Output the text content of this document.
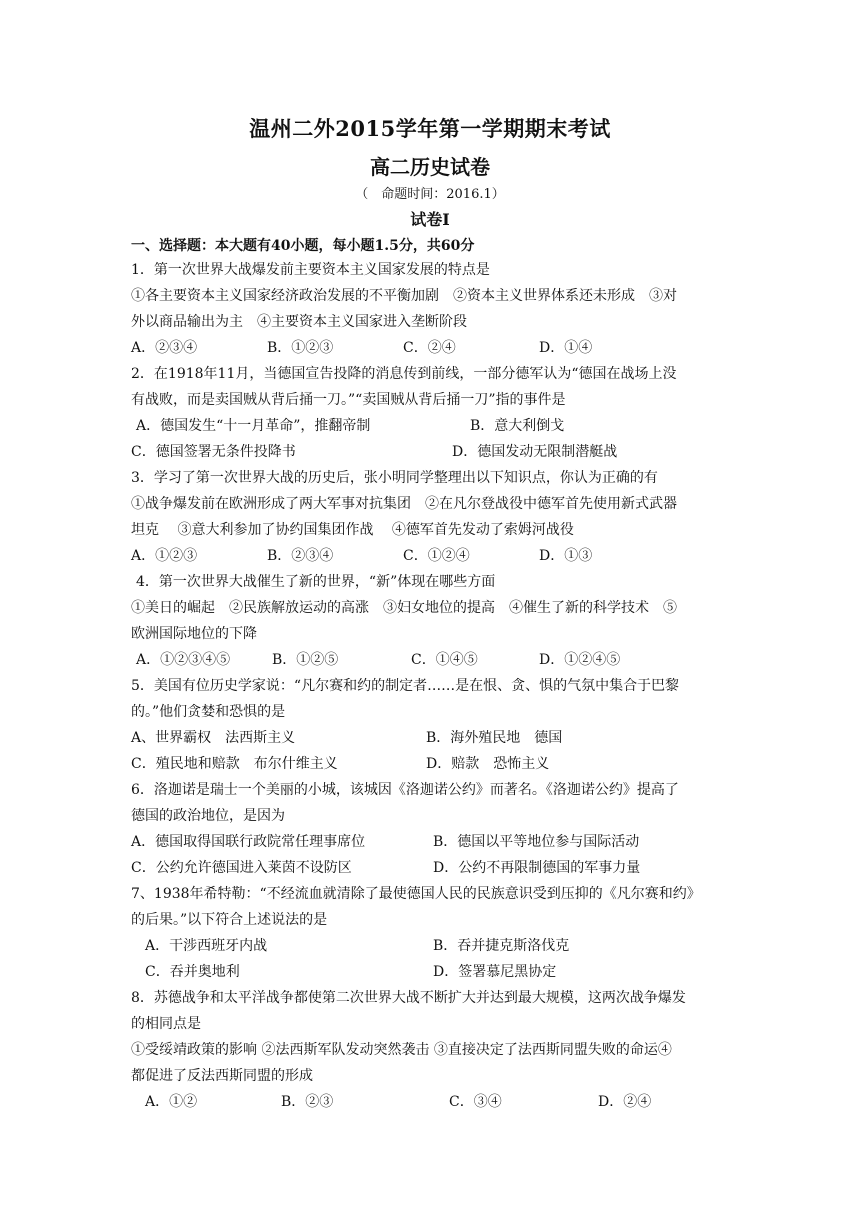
温州二外2015学年第一学期期末考试
高二历史试卷
（　命题时间：2016.1）
试卷Ⅰ
一、选择题：本大题有40小题，每小题1.5分，共60分
1．第一次世界大战爆发前主要资本主义国家发展的特点是
①各主要资本主义国家经济政治发展的不平衡加剧　②资本主义世界体系还未形成　③对
外以商品输出为主　④主要资本主义国家进入垄断阶段
A．②③④	B．①②③	C．②④	D．①④
2．在1918年11月，当德国宣告投降的消息传到前线，一部分德军认为“德国在战场上没
有战败，而是卖国贼从背后捅一刀。”“卖国贼从背后捅一刀”指的事件是
A．德国发生“十一月革命”，推翻帝制	B．意大利倒戈
C．德国签署无条件投降书	D．德国发动无限制潜艇战
3．学习了第一次世界大战的历史后，张小明同学整理出以下知识点，你认为正确的有
①战争爆发前在欧洲形成了两大军事对抗集团　②在凡尔登战役中德军首先使用新式武器
坦克　 ③意大利参加了协约国集团作战　 ④德军首先发动了索姆河战役
A．①②③	B．②③④	C．①②④	D．①③
4．第一次世界大战催生了新的世界，“新”体现在哪些方面
①美日的崛起　②民族解放运动的高涨　③妇女地位的提高　④催生了新的科学技术　⑤
欧洲国际地位的下降
A．①②③④⑤	B．①②⑤	C．①④⑤	D．①②④⑤
5．美国有位历史学家说：“凡尔赛和约的制定者……是在恨、贪、惧的气氛中集合于巴黎
的。”他们贪婪和恐惧的是
A、世界霸权　法西斯主义	B．海外殖民地　德国
C．殖民地和赔款　布尔什维主义	D．赔款　恐怖主义
6．洛迦诺是瑞士一个美丽的小城，该城因《洛迦诺公约》而著名。《洛迦诺公约》提高了
德国的政治地位，是因为
A．德国取得国联行政院常任理事席位	B．德国以平等地位参与国际活动
C．公约允许德国进入莱茵不设防区	D．公约不再限制德国的军事力量
7、1938年希特勒：“不经流血就清除了最使德国人民的民族意识受到压抑的《凡尔赛和约》
的后果。”以下符合上述说法的是
A．干涉西班牙内战	B．吞并捷克斯洛伐克
C．吞并奥地利	D．签署慕尼黑协定
8．苏德战争和太平洋战争都使第二次世界大战不断扩大并达到最大规模，这两次战争爆发
的相同点是
①受绥靖政策的影响 ②法西斯军队发动突然袭击 ③直接决定了法西斯同盟失败的命运④
都促进了反法西斯同盟的形成
A．①②	B．②③	C．③④	D．②④
